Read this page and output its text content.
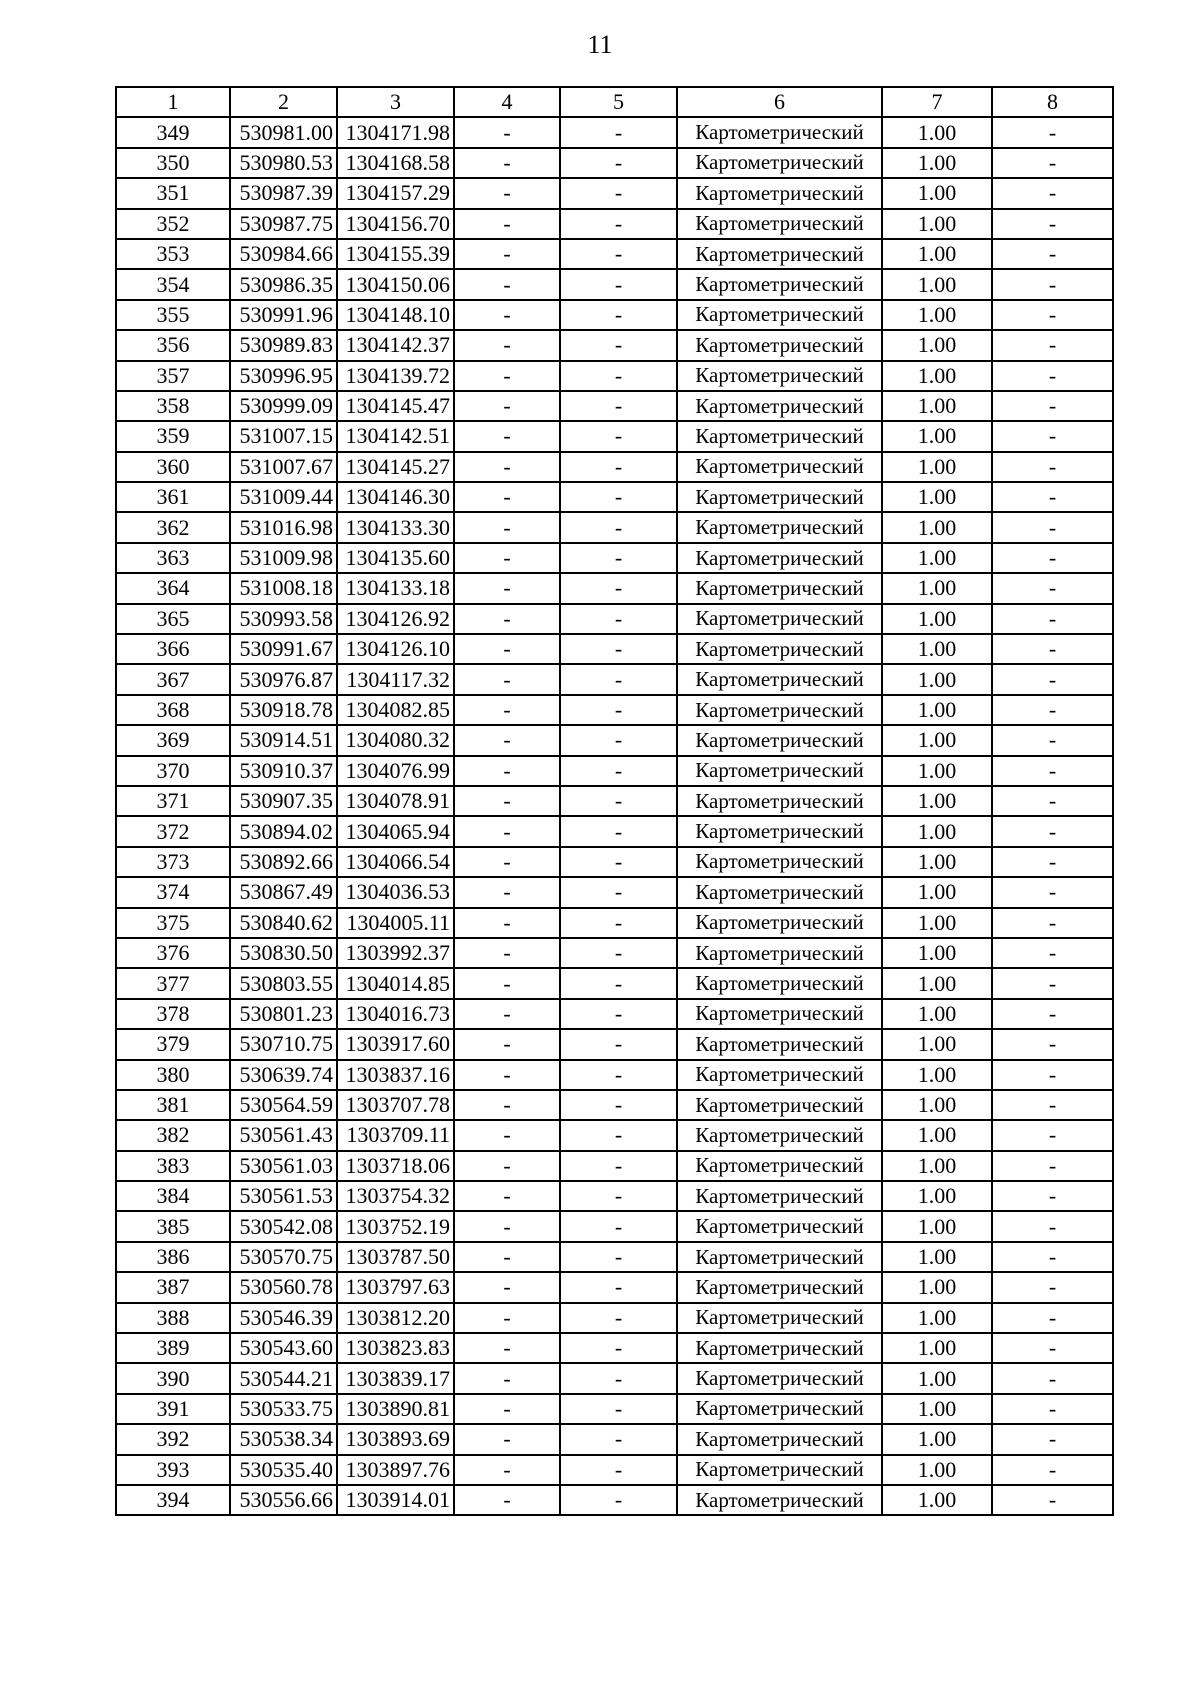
11
1	2	3	4	5	6	7	8
349	530981.00	1304171.98	-	-	Картометрический	1.00	-
350	530980.53	1304168.58	-	-	Картометрический	1.00	-
351	530987.39	1304157.29	-	-	Картометрический	1.00	-
352	530987.75	1304156.70	-	-	Картометрический	1.00	-
353	530984.66	1304155.39	-	-	Картометрический	1.00	-
354	530986.35	1304150.06	-	-	Картометрический	1.00	-
355	530991.96	1304148.10	-	-	Картометрический	1.00	-
356	530989.83	1304142.37	-	-	Картометрический	1.00	-
357	530996.95	1304139.72	-	-	Картометрический	1.00	-
358	530999.09	1304145.47	-	-	Картометрический	1.00	-
359	531007.15	1304142.51	-	-	Картометрический	1.00	-
360	531007.67	1304145.27	-	-	Картометрический	1.00	-
361	531009.44	1304146.30	-	-	Картометрический	1.00	-
362	531016.98	1304133.30	-	-	Картометрический	1.00	-
363	531009.98	1304135.60	-	-	Картометрический	1.00	-
364	531008.18	1304133.18	-	-	Картометрический	1.00	-
365	530993.58	1304126.92	-	-	Картометрический	1.00	-
366	530991.67	1304126.10	-	-	Картометрический	1.00	-
367	530976.87	1304117.32	-	-	Картометрический	1.00	-
368	530918.78	1304082.85	-	-	Картометрический	1.00	-
369	530914.51	1304080.32	-	-	Картометрический	1.00	-
370	530910.37	1304076.99	-	-	Картометрический	1.00	-
371	530907.35	1304078.91	-	-	Картометрический	1.00	-
372	530894.02	1304065.94	-	-	Картометрический	1.00	-
373	530892.66	1304066.54	-	-	Картометрический	1.00	-
374	530867.49	1304036.53	-	-	Картометрический	1.00	-
375	530840.62	1304005.11	-	-	Картометрический	1.00	-
376	530830.50	1303992.37	-	-	Картометрический	1.00	-
377	530803.55	1304014.85	-	-	Картометрический	1.00	-
378	530801.23	1304016.73	-	-	Картометрический	1.00	-
379	530710.75	1303917.60	-	-	Картометрический	1.00	-
380	530639.74	1303837.16	-	-	Картометрический	1.00	-
381	530564.59	1303707.78	-	-	Картометрический	1.00	-
382	530561.43	1303709.11	-	-	Картометрический	1.00	-
383	530561.03	1303718.06	-	-	Картометрический	1.00	-
384	530561.53	1303754.32	-	-	Картометрический	1.00	-
385	530542.08	1303752.19	-	-	Картометрический	1.00	-
386	530570.75	1303787.50	-	-	Картометрический	1.00	-
387	530560.78	1303797.63	-	-	Картометрический	1.00	-
388	530546.39	1303812.20	-	-	Картометрический	1.00	-
389	530543.60	1303823.83	-	-	Картометрический	1.00	-
390	530544.21	1303839.17	-	-	Картометрический	1.00	-
391	530533.75	1303890.81	-	-	Картометрический	1.00	-
392	530538.34	1303893.69	-	-	Картометрический	1.00	-
393	530535.40	1303897.76	-	-	Картометрический	1.00	-
394	530556.66	1303914.01	-	-	Картометрический	1.00	-
